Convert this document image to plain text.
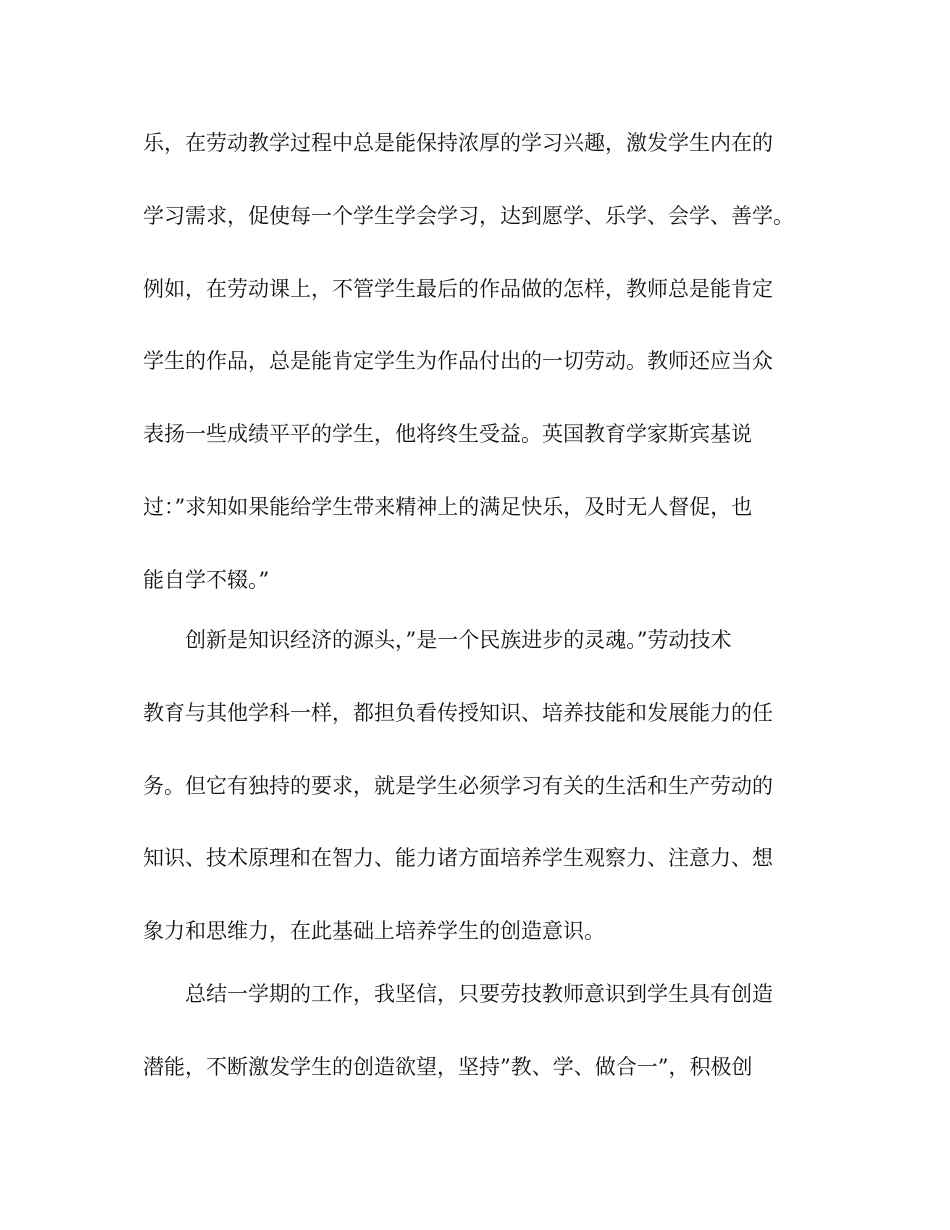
乐，在劳动教学过程中总是能保持浓厚的学习兴趣，激发学生内在的
学习需求，促使每一个学生学会学习，达到愿学、乐学、会学、善学。
例如，在劳动课上，不管学生最后的作品做的怎样，教师总是能肯定
学生的作品，总是能肯定学生为作品付出的一切劳动。教师还应当众
表扬一些成绩平平的学生，他将终生受益。英国教育学家斯宾基说
过：”求知如果能给学生带来精神上的满足快乐，及时无人督促，也
能自学不辍。”
　　创新是知识经济的源头，”是一个民族进步的灵魂。”劳动技术
教育与其他学科一样，都担负看传授知识、培养技能和发展能力的任
务。但它有独持的要求，就是学生必须学习有关的生活和生产劳动的
知识、技术原理和在智力、能力诸方面培养学生观察力、注意力、想
象力和思维力，在此基础上培养学生的创造意识。
　　总结一学期的工作，我坚信，只要劳技教师意识到学生具有创造
潜能，不断激发学生的创造欲望，坚持”教、学、做合一”，积极创
